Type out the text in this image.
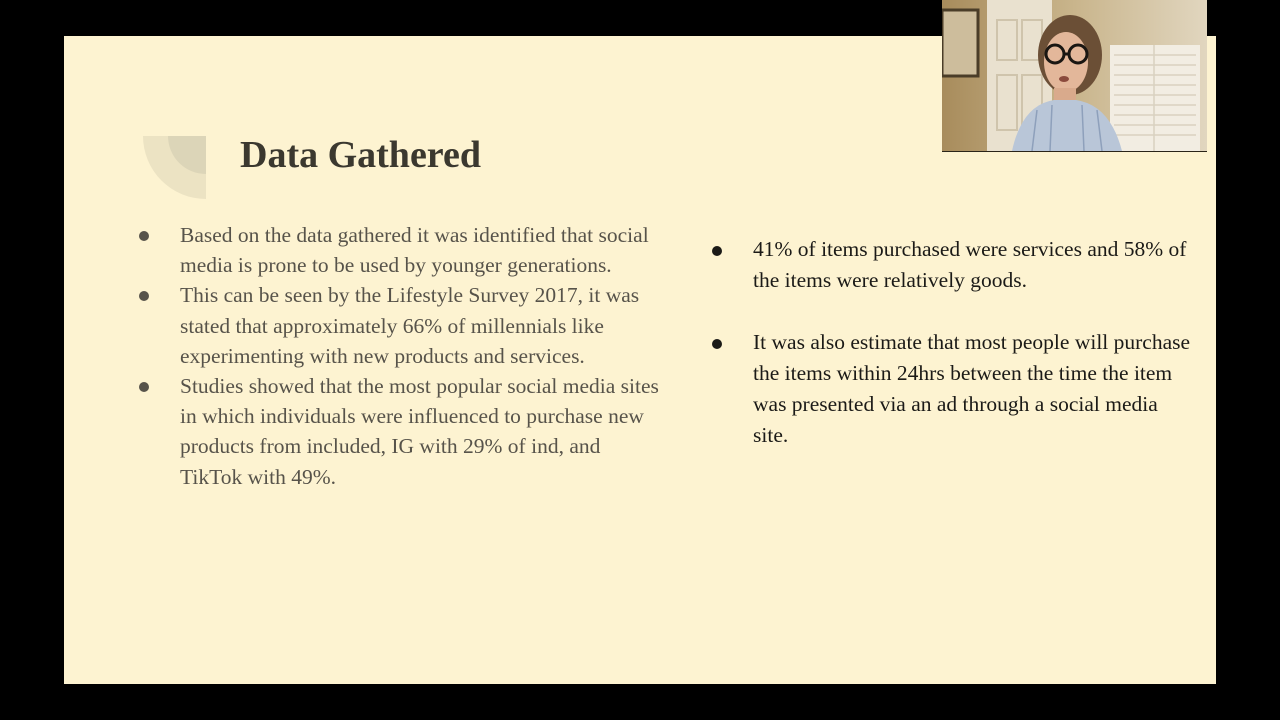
Data Gathered
Based on the data gathered it was identified that social media is prone to be used by younger generations.
This can be seen by the Lifestyle Survey 2017, it was stated that approximately 66% of millennials like experimenting with new products and services.
Studies showed that the most popular social media sites in which individuals were influenced to purchase new products from included, IG with 29% of ind, and TikTok with 49%.
41% of items purchased were services and 58% of the items were relatively goods.
It was also estimate that most people will purchase the items within 24hrs between the time the item was presented via an ad through a social media site.
